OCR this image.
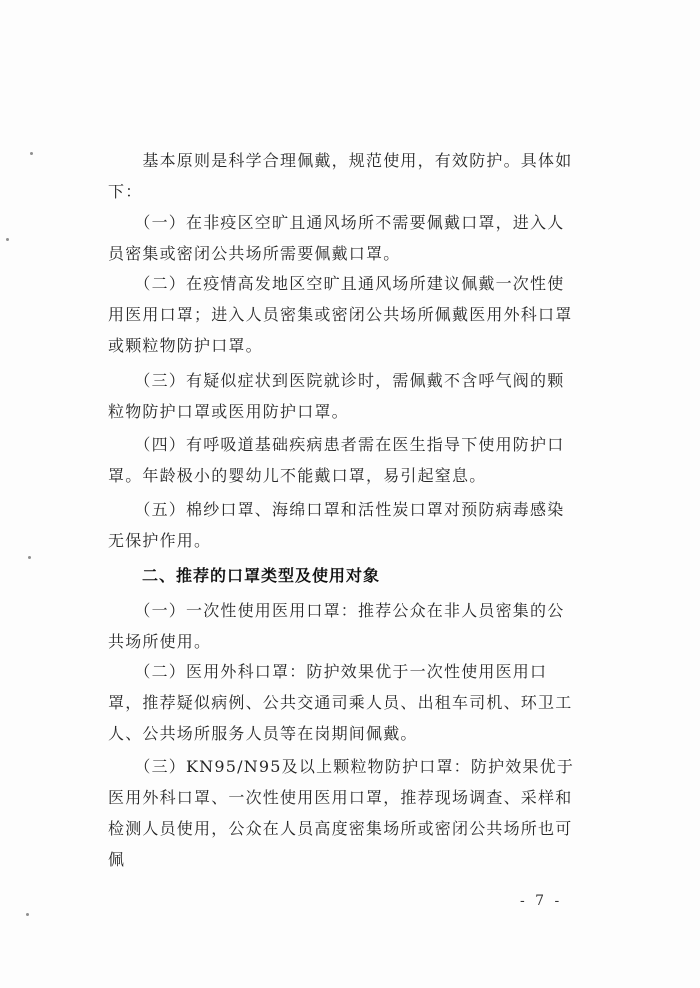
　　基本原则是科学合理佩戴，规范使用，有效防护。具体如下：

　　（一）在非疫区空旷且通风场所不需要佩戴口罩，进入人员密集或密闭公共场所需要佩戴口罩。

　　（二）在疫情高发地区空旷且通风场所建议佩戴一次性使用医用口罩；进入人员密集或密闭公共场所佩戴医用外科口罩或颗粒物防护口罩。

　　（三）有疑似症状到医院就诊时，需佩戴不含呼气阀的颗粒物防护口罩或医用防护口罩。

　　（四）有呼吸道基础疾病患者需在医生指导下使用防护口罩。年龄极小的婴幼儿不能戴口罩，易引起窒息。

　　（五）棉纱口罩、海绵口罩和活性炭口罩对预防病毒感染无保护作用。

　　二、推荐的口罩类型及使用对象

　　（一）一次性使用医用口罩：推荐公众在非人员密集的公共场所使用。

　　（二）医用外科口罩：防护效果优于一次性使用医用口罩，推荐疑似病例、公共交通司乘人员、出租车司机、环卫工人、公共场所服务人员等在岗期间佩戴。

　　（三）KN95/N95及以上颗粒物防护口罩：防护效果优于医用外科口罩、一次性使用医用口罩，推荐现场调查、采样和检测人员使用，公众在人员高度密集场所或密闭公共场所也可佩

- 7 -
